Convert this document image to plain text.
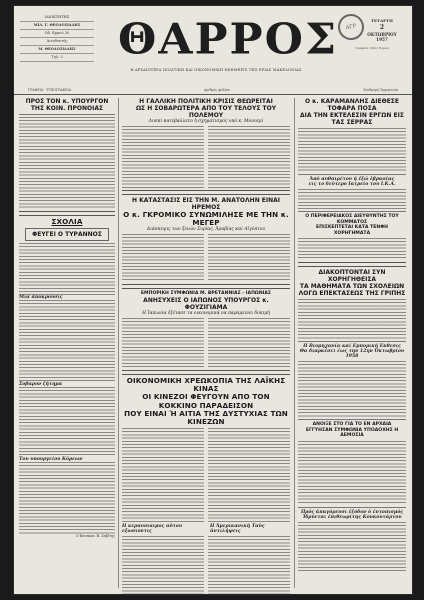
ΙΔΙΟΚΤΗΤΗΣ
ΜΙΛ. Γ. ΘΕΟΔΟΣΙΑΔΗΣ
Οδ. Ερμού 20
Διευθυντής
Μ. ΘΕΟΔΟΣΙΑΔΗΣ
Τηλ. 3	ΘΑΡΡΟΣ
Η ΑΡΧΑΙΟΤΕΡΑ ΠΟΛΙΤΙΚΗ ΚΑΙ ΟΙΚΟΝΟΜΙΚΗ ΕΦΗΜΕΡΙΣ ΤΗΣ ΕΡΙΑΣ ΜΑΚΕΔΟΝΙΑΣ
ΓΡΑΦΕΙΑ - ΤΥΠΟΓΡΑΦΕΙΑ	Αριθμός φύλλου	Συνδρομή Τριμηνιαία
ΑΓΡ
ΤΕΤΑΡΤΗ
2
ΟΚΤΩΒΡΙΟΥ 1957
Γραφεία: Οδός Ερμού
ΠΡΟΣ ΤΟΝ κ. ΥΠΟΥΡΓΟΝ ΤΗΣ ΚΟΙΝ. ΠΡΟΝΟΙΑΣ
ΣΧΟΛΙΑ
ΦΕΥΓΕΙ Ο ΤΥΡΑΝΝΟΣ
Μια ἀποκρούσις
Σοβαρον ζήτημα
Του υπουργείου Κόρεων
Ο Επισκοπ. Β. Ζαβίτης
Η ΓΑΛΛΙΚΗ ΠΟΛΙΤΙΚΗ ΚΡΙΣΙΣ ΘΕΩΡΕΙΤΑΙ
ΩΣ Η ΣΟΒΑΡΩΤΕΡΑ ΑΠΟ ΤΟΥ ΤΕΛΟΥΣ ΤΟΥ ΠΟΛΕΜΟΥ
Λυσκί κατεβαλλετο ἡ σχηματισμός υπό κ. Μονυερί
Η ΚΑΤΑΣΤΑΣΙΣ ΕΙΣ ΤΗΝ Μ. ΑΝΑΤΟΛΗΝ ΕΙΝΑΙ ΗΡΕΜΟΣ
Ο κ. ΓΚΡΟΜΙΚΟ ΣΥΝΩΜΙΛΗΣΕ ΜΕ ΤΗΝ κ. ΜΕΓΕΡ
Διάσκεψις των ξενών Συρίας, Ἀραβίας καί Αἰγύπτου
ΕΜΠΟΡΙΚΗ ΣΥΜΦΩΝΙΑ Μ. ΒΡΕΤΑΝΝΙΑΣ - ΙΑΠΩΝΙΑΣ
ΑΝΗΣΥΧΕΙΣ Ο ΙΑΠΩΝΟΣ ΥΠΟΥΡΓΟΣ κ. ΦΟΥΖΙΓΙΑΜΑ
Η Ἰαπωνία ἐξέτασε τα οικονομικά να παραμεινει δοκιμή
ΟΙΚΟΝΟΜΙΚΗ ΧΡΕΩΚΟΠΙΑ ΤΗΣ ΛΑΪΚΗΣ ΚΙΝΑΣ
ΟΙ ΚΙΝΕΖΟΙ ΦΕΥΓΟΥΝ ΑΠΟ ΤΟΝ ΚΟΚΚΙΝΟ ΠΑΡΑΔΕΙΣΟΝ
ΠΟΥ ΕΙΝΑΙ Ή ΑΙΤΙΑ ΤΗΣ ΔΥΣΤΥΧΙΑΣ ΤΩΝ ΚΙΝΕΖΩΝ
Η κεραυνιαιμος αὐτου εξωσιοντις
Η Ἀμερικανική Ταὺς ἀντιλήψεις
Ο κ. ΚΑΡΑΜΑΝΛΗΣ ΔΙΕΘΕΣΕ ΤΟΦΑΡΑ ΠΟΣΑ
ΔΙΑ ΤΗΝ ΕΚΤΕΛΕΣΙΝ ΕΡΓΩΝ ΕΙΣ ΤΑΣ ΣΕΡΡΑΣ
Ἀπό αυθαιρέτου ή ἐξώ ἐβρασίας
εις το δεύτερο Ιατρείο του Ι.Κ.Α.
Ο ΠΕΡΙΦΕΡΕΙΑΚΟΣ ΔΙΕΥΘΥΝΤΗΣ ΤΟΥ ΚΟΜΜΑΤΟΣ
ΕΠΙΣΚΕΠΤΕΤΑΙ ΚΑΤΑ ΤΕΝΦΗ ΧΟΡΗΓΗΜΑΤΑ
ΔΙΑΚΟΠΤΟΝΤΑΙ ΣΥΝ ΧΟΡΗΓΗΘΕΙΣΑ
ΤΑ ΜΑΘΗΜΑΤΑ ΤΩΝ ΣΧΟΛΕΙΩΝ
ΛΟΓΩ ΕΠΕΚΤΑΣΕΩΣ ΤΗΣ ΓΡΙΠΗΣ
Η Βιομηχανία καί Εμπορική Εκθεσις
Θα διαρκέσει έως την 12ην Ὀκτωβρίου 1958
ΑΝΟΙΞΕ ΣΤΟ ΓΙΑ ΤΟ ΕΝ ΑΡΧΑΙΑ
ΕΓΓΥΗΣΑΝ ΣΥΜΦΩΝΙΑ ΥΠΟΔΟΧΗΣ Η ΑΕΜΟΣΙΑ
Πρός ἀπαγόρευσι έξοδον ὁ ἐντοπισμός
Ἰδρύεται ἐπιθεωρίτης Κουκουτάρτου
